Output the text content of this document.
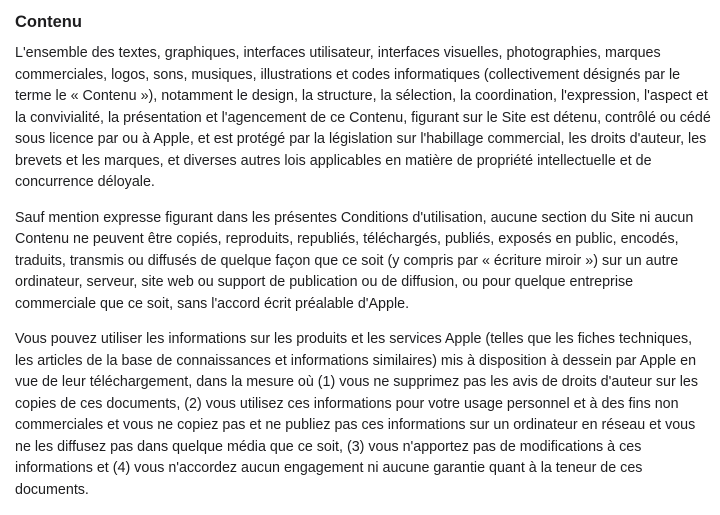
Contenu

L'ensemble des textes, graphiques, interfaces utilisateur, interfaces visuelles, photographies, marques commerciales, logos, sons, musiques, illustrations et codes informatiques (collectivement désignés par le terme le « Contenu »), notamment le design, la structure, la sélection, la coordination, l'expression, l'aspect et la convivialité, la présentation et l'agencement de ce Contenu, figurant sur le Site est détenu, contrôlé ou cédé sous licence par ou à Apple, et est protégé par la législation sur l'habillage commercial, les droits d'auteur, les brevets et les marques, et diverses autres lois applicables en matière de propriété intellectuelle et de concurrence déloyale.

Sauf mention expresse figurant dans les présentes Conditions d'utilisation, aucune section du Site ni aucun Contenu ne peuvent être copiés, reproduits, republiés, téléchargés, publiés, exposés en public, encodés, traduits, transmis ou diffusés de quelque façon que ce soit (y compris par « écriture miroir ») sur un autre ordinateur, serveur, site web ou support de publication ou de diffusion, ou pour quelque entreprise commerciale que ce soit, sans l'accord écrit préalable d'Apple.

Vous pouvez utiliser les informations sur les produits et les services Apple (telles que les fiches techniques, les articles de la base de connaissances et informations similaires) mis à disposition à dessein par Apple en vue de leur téléchargement, dans la mesure où (1) vous ne supprimez pas les avis de droits d'auteur sur les copies de ces documents, (2) vous utilisez ces informations pour votre usage personnel et à des fins non commerciales et vous ne copiez pas et ne publiez pas ces informations sur un ordinateur en réseau et vous ne les diffusez pas dans quelque média que ce soit, (3) vous n'apportez pas de modifications à ces informations et (4) vous n'accordez aucun engagement ni aucune garantie quant à la teneur de ces documents.
